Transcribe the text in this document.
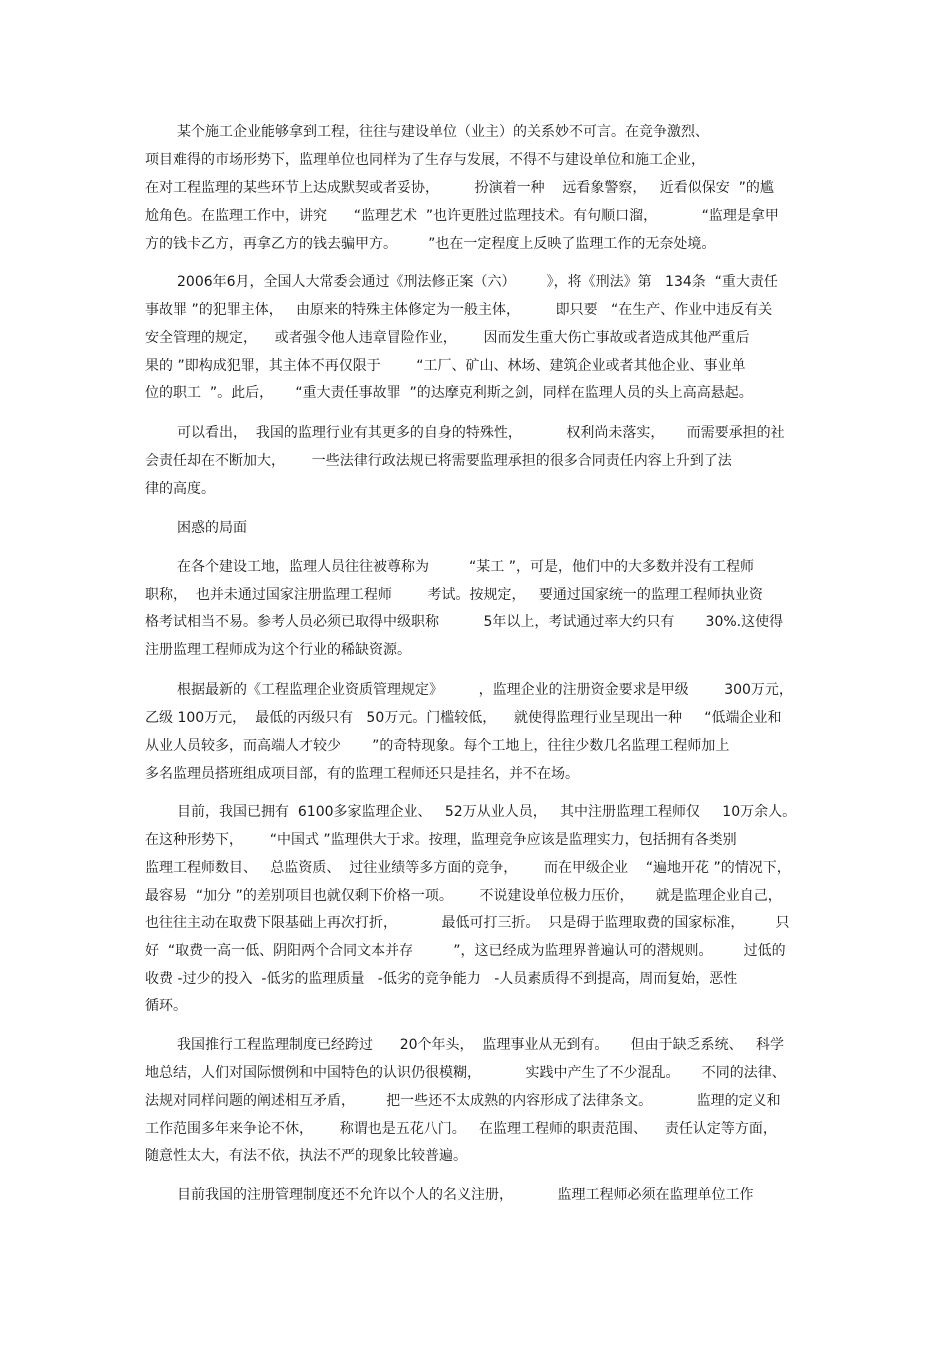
某个施工企业能够拿到工程，往往与建设单位（业主）的关系妙不可言。在竞争激烈、
项目难得的市场形势下，监理单位也同样为了生存与发展，不得不与建设单位和施工企业，
在对工程监理的某些环节上达成默契或者妥协，        扮演着一种    远看象警察，   近看似保安  ”的尴
尬角色。在监理工作中，讲究      “监理艺术  ”也许更胜过监理技术。有句顺口溜，          “监理是拿甲
方的钱卡乙方，再拿乙方的钱去骗甲方。       ”也在一定程度上反映了监理工作的无奈处境。
2006年6月，全国人大常委会通过《刑法修正案（六）       》，将《刑法》第   134条  “重大责任
事故罪 ”的犯罪主体，   由原来的特殊主体修定为一般主体，        即只要   “在生产、作业中违反有关
安全管理的规定，    或者强令他人违章冒险作业，      因而发生重大伤亡事故或者造成其他严重后
果的 ”即构成犯罪，其主体不再仅限于        “工厂、矿山、林场、建筑企业或者其他企业、事业单
位的职工  ”。此后，     “重大责任事故罪  ”的达摩克利斯之剑，同样在监理人员的头上高高悬起。
可以看出，  我国的监理行业有其更多的自身的特殊性，          权利尚未落实，     而需要承担的社
会责任却在不断加大，      一些法律行政法规已将需要监理承担的很多合同责任内容上升到了法
律的高度。
困惑的局面
在各个建设工地，监理人员往往被尊称为         “某工 ”，可是，他们中的大多数并没有工程师
职称，  也并未通过国家注册监理工程师        考试。按规定，   要通过国家统一的监理工程师执业资
格考试相当不易。参考人员必须已取得中级职称          5年以上，考试通过率大约只有       30%.这使得
注册监理工程师成为这个行业的稀缺资源。
根据最新的《工程监理企业资质管理规定》        ，监理企业的注册资金要求是甲级        300万元，
乙级 100万元，  最低的丙级只有   50万元。门槛较低，    就使得监理行业呈现出一种     “低端企业和
从业人员较多，而高端人才较少       ”的奇特现象。每个工地上，往往少数几名监理工程师加上
多名监理员搭班组成项目部，有的监理工程师还只是挂名，并不在场。
目前，我国已拥有  6100多家监理企业、   52万从业人员，   其中注册监理工程师仅     10万余人。
在这种形势下，      “中国式 ”监理供大于求。按理，监理竞争应该是监理实力，包括拥有各类别
监理工程师数目、   总监资质、  过往业绩等多方面的竞争，      而在甲级企业    “遍地开花 ”的情况下，
最容易  “加分 ”的差别项目也就仅剩下价格一项。      不说建设单位极力压价，     就是监理企业自己，
也往往主动在取费下限基础上再次打折，          最低可打三折。  只是碍于监理取费的国家标准，       只
好  “取费一高一低、阴阳两个合同文本并存         ”，这已经成为监理界普遍认可的潜规则。       过低的
收费 -过少的投入  -低劣的监理质量   -低劣的竞争能力   -人员素质得不到提高，周而复始，恶性
循环。
我国推行工程监理制度已经跨过      20个年头，  监理事业从无到有。     但由于缺乏系统、   科学
地总结，人们对国际惯例和中国特色的认识仍很模糊，          实践中产生了不少混乱。     不同的法律、
法规对同样问题的阐述相互矛盾，       把一些还不太成熟的内容形成了法律条文。          监理的定义和
工作范围多年来争论不休，      称谓也是五花八门。   在监理工程师的职责范围、    责任认定等方面，
随意性太大，有法不依，执法不严的现象比较普遍。
目前我国的注册管理制度还不允许以个人的名义注册，          监理工程师必须在监理单位工作
